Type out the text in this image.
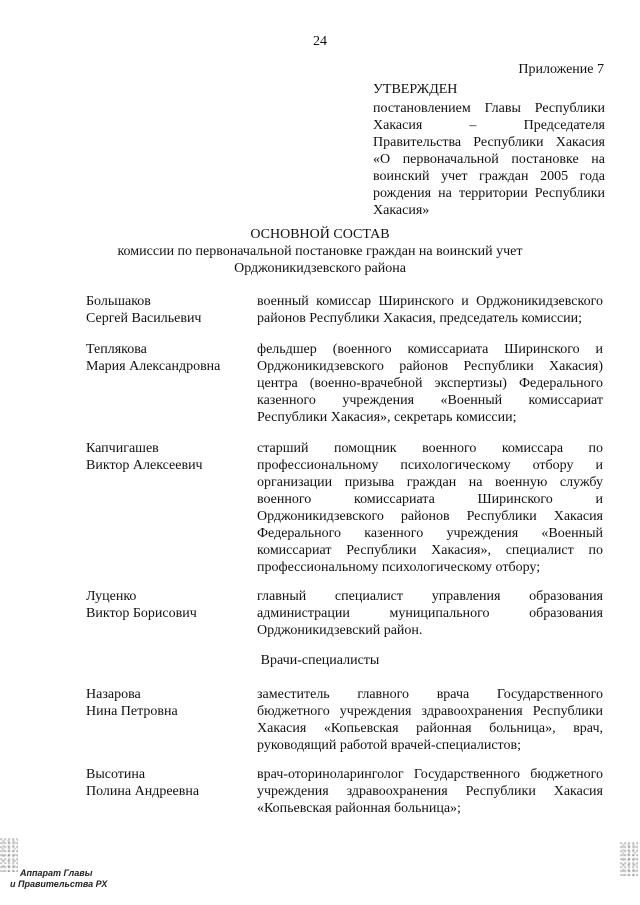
24
Приложение 7
УТВЕРЖДЕН
постановлением Главы Республики Хакасия – Председателя Правительства Республики Хакасия «О первоначальной постановке на воинский учет граждан 2005 года рождения на территории Республики Хакасия»
ОСНОВНОЙ СОСТАВ
комиссии по первоначальной постановке граждан на воинский учет
Орджоникидзевского района
Большаков
Сергей Васильевич
военный комиссар Ширинского и Орджоникидзевского районов Республики Хакасия, председатель комиссии;
Теплякова
Мария Александровна
фельдшер (военного комиссариата Ширинского и Орджоникидзевского районов Республики Хакасия) центра (военно-врачебной экспертизы) Федерального казенного учреждения «Военный комиссариат Республики Хакасия», секретарь комиссии;
Капчигашев
Виктор Алексеевич
старший помощник военного комиссара по профессиональному психологическому отбору и организации призыва граждан на военную службу военного комиссариата Ширинского и Орджоникидзевского районов Республики Хакасия Федерального казенного учреждения «Военный комиссариат Республики Хакасия», специалист по профессиональному психологическому отбору;
Луценко
Виктор Борисович
главный специалист управления образования администрации муниципального образования Орджоникидзевский район.
Врачи-специалисты
Назарова
Нина Петровна
заместитель главного врача Государственного бюджетного учреждения здравоохранения Республики Хакасия «Копьевская районная больница», врач, руководящий работой врачей-специалистов;
Высотина
Полина Андреевна
врач-оториноларинголог Государственного бюджетного учреждения здравоохранения Республики Хакасия «Копьевская районная больница»;
Аппарат Главы
и Правительства РХ
